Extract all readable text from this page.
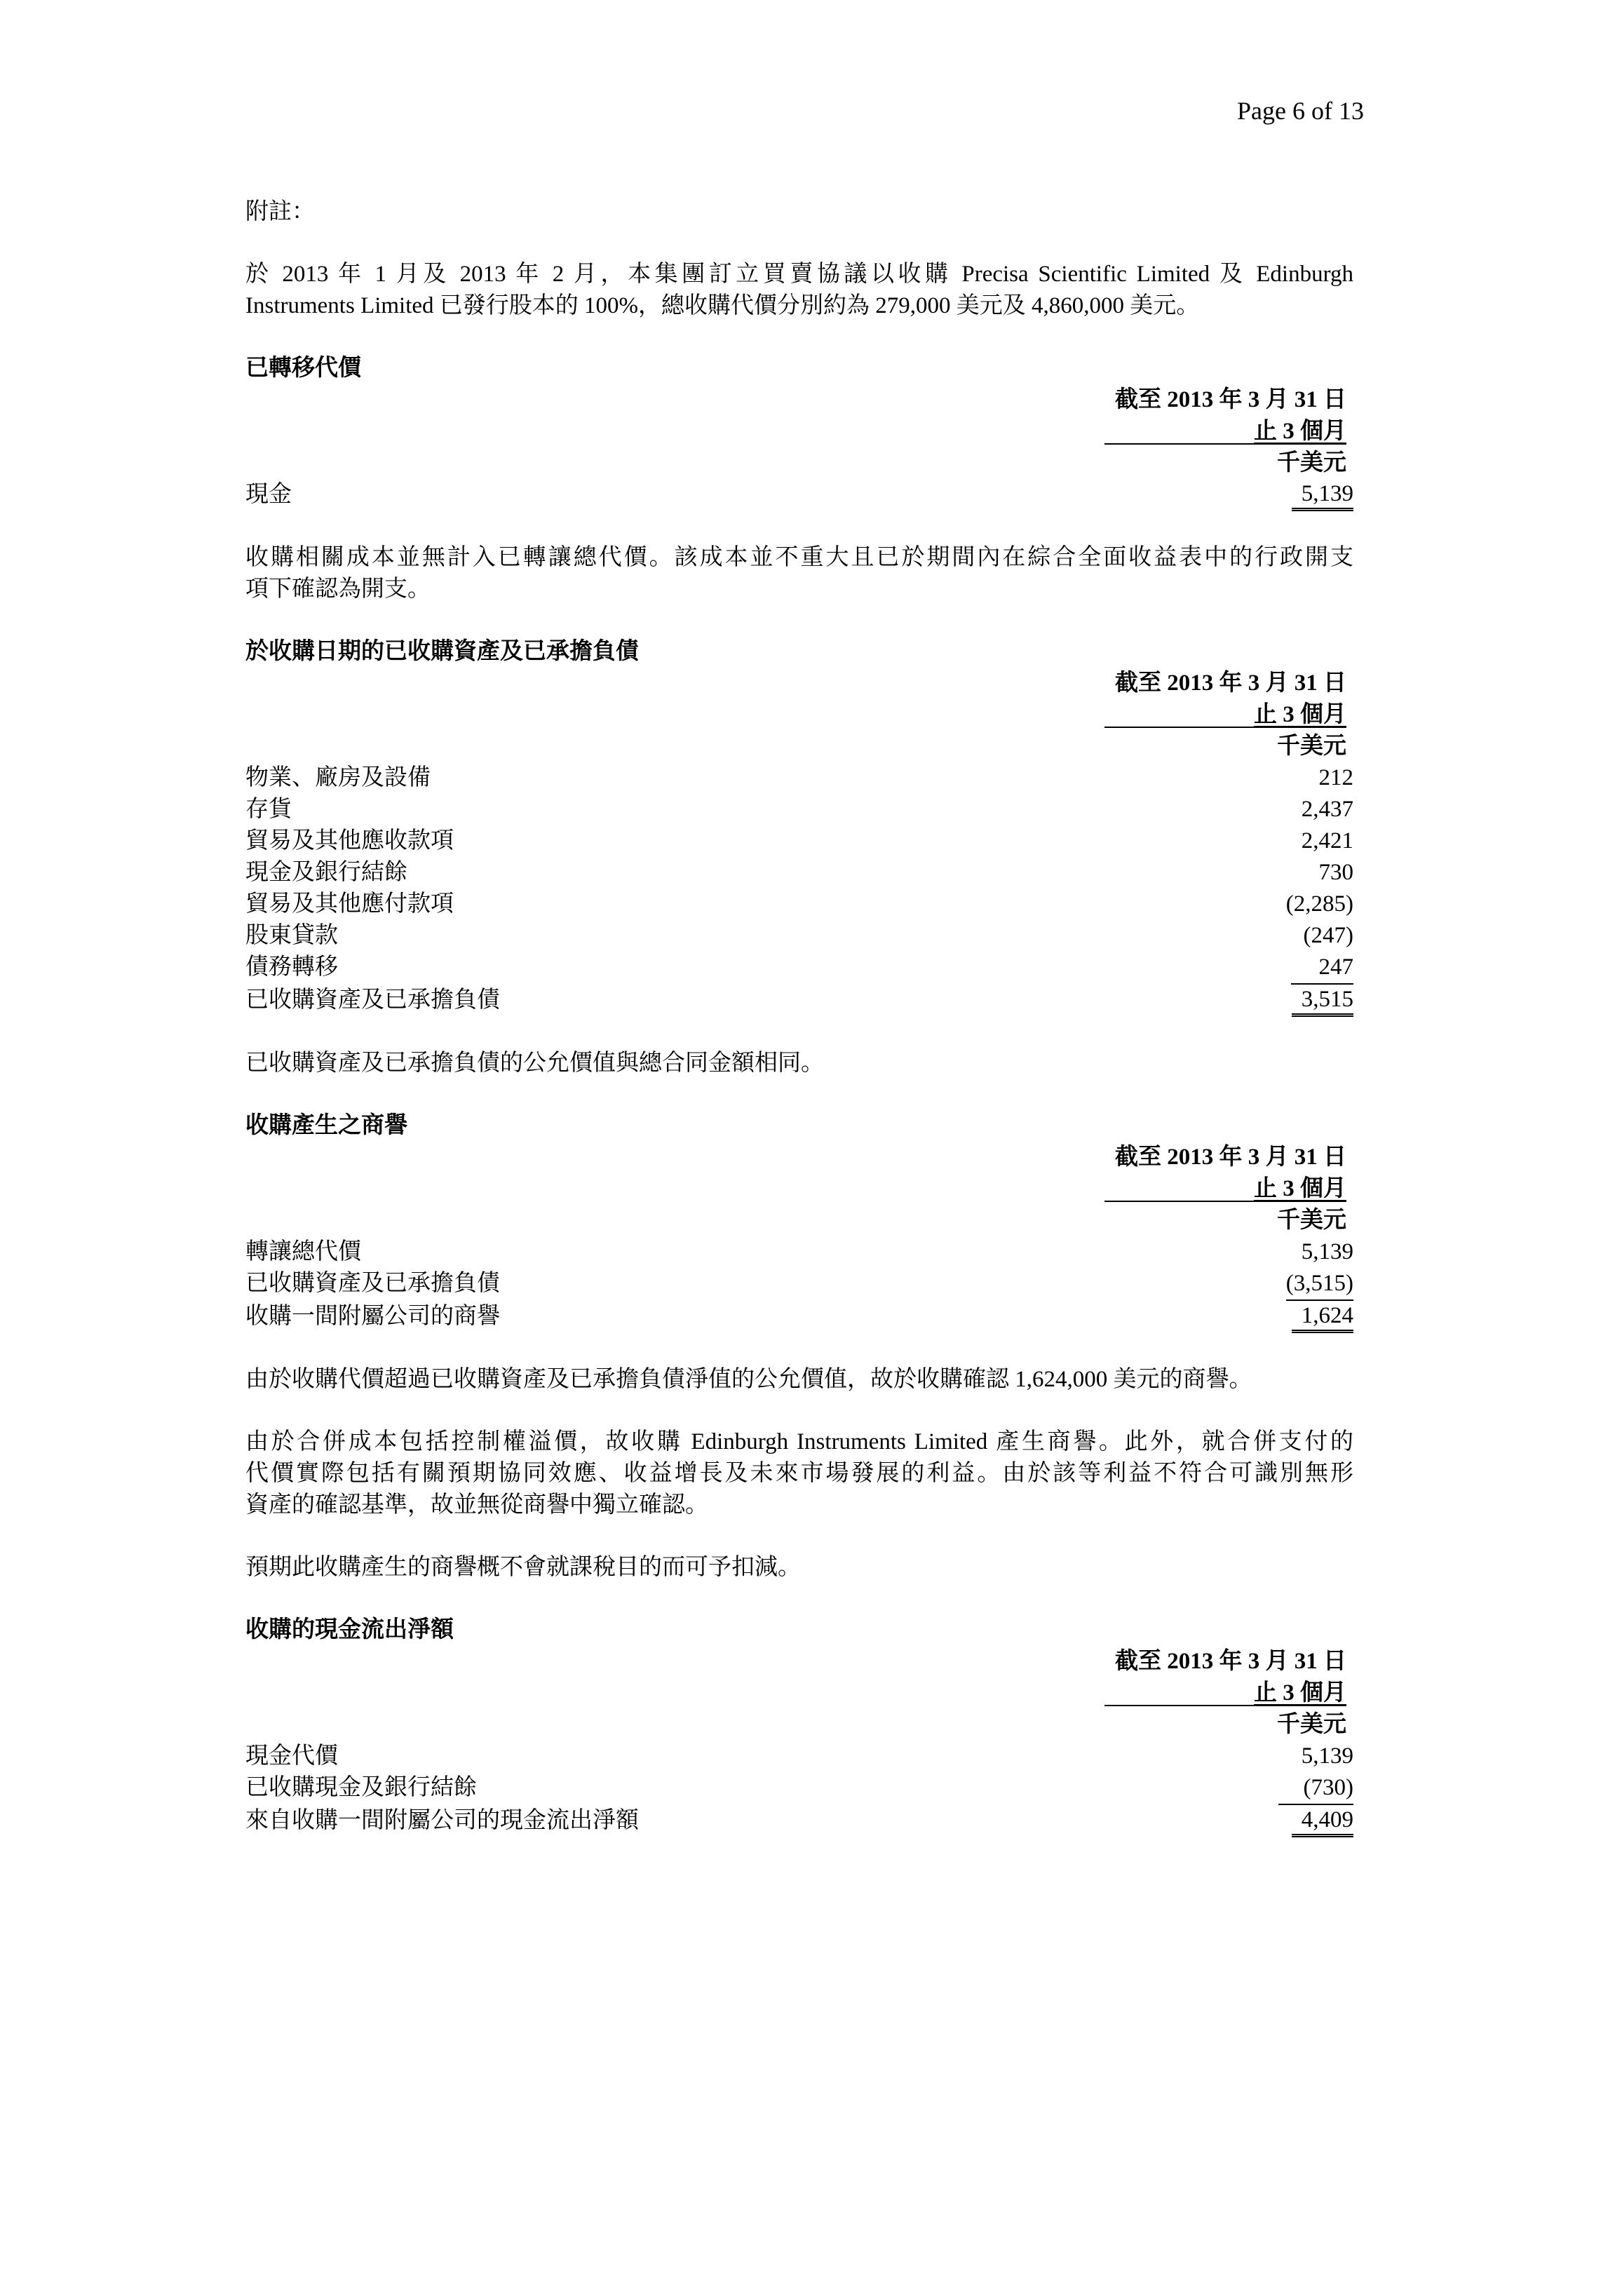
Page 6 of 13

附註：

於 2013 年 1 月及 2013 年 2 月，本集團訂立買賣協議以收購 Precisa Scientific Limited 及 Edinburgh

Instruments Limited 已發行股本的 100%，總收購代價分別約為 279,000 美元及 4,860,000 美元。

已轉移代價

截至 2013 年 3 月 31 日
止 3 個月
千美元
現金	5,139

收購相關成本並無計入已轉讓總代價。該成本並不重大且已於期間內在綜合全面收益表中的行政開支

項下確認為開支。

於收購日期的已收購資產及已承擔負債

截至 2013 年 3 月 31 日
止 3 個月
千美元
物業、廠房及設備	212
存貨	2,437
貿易及其他應收款項	2,421
現金及銀行結餘	730
貿易及其他應付款項	(2,285)
股東貸款	(247)
債務轉移	247
已收購資產及已承擔負債	3,515

已收購資產及已承擔負債的公允價值與總合同金額相同。

收購產生之商譽

截至 2013 年 3 月 31 日
止 3 個月
千美元
轉讓總代價	5,139
已收購資產及已承擔負債	(3,515)
收購一間附屬公司的商譽	1,624

由於收購代價超過已收購資產及已承擔負債淨值的公允價值，故於收購確認 1,624,000 美元的商譽。

由於合併成本包括控制權溢價，故收購 Edinburgh Instruments Limited 產生商譽。此外，就合併支付的

代價實際包括有關預期協同效應、收益增長及未來市場發展的利益。由於該等利益不符合可識別無形

資產的確認基準，故並無從商譽中獨立確認。

預期此收購產生的商譽概不會就課稅目的而可予扣減。

收購的現金流出淨額

截至 2013 年 3 月 31 日
止 3 個月
千美元
現金代價	5,139
已收購現金及銀行結餘	(730)
來自收購一間附屬公司的現金流出淨額	4,409
